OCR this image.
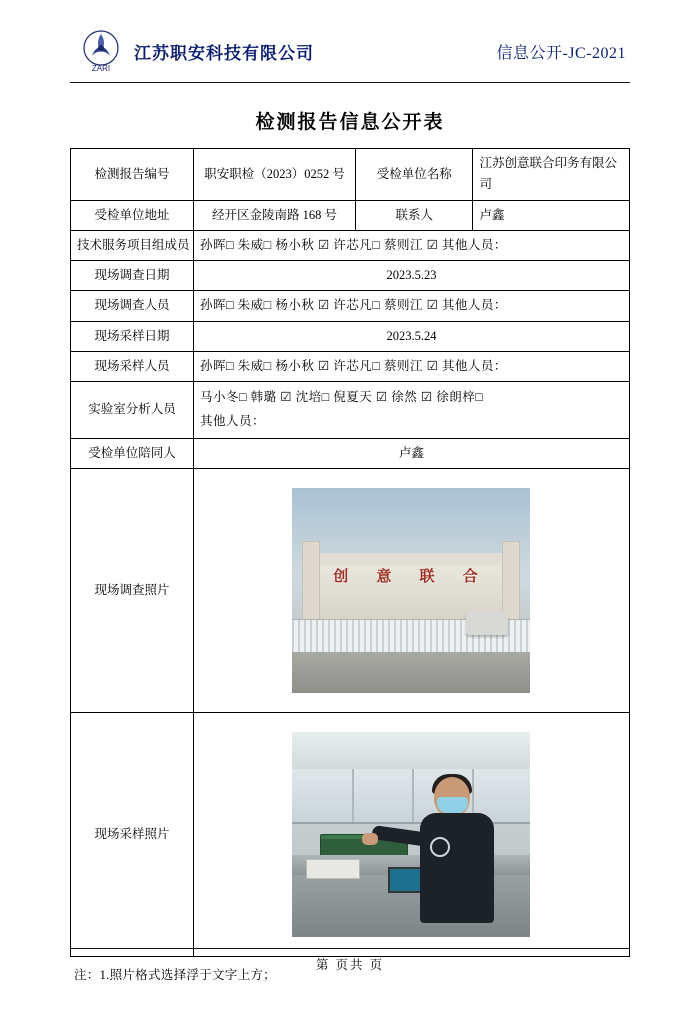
ZARI
江苏职安科技有限公司	信息公开-JC-2021
检测报告信息公开表
检测报告编号	职安职检（2023）0252 号	受检单位名称	江苏创意联合印务有限公司
受检单位地址	经开区金陵南路 168 号	联系人	卢鑫
技术服务项目组成员	孙晖□ 朱威□ 杨小秋 ☑ 许芯凡□ 蔡则江 ☑ 其他人员：		
现场调查日期	2023.5.23		
现场调查人员	孙晖□ 朱威□ 杨小秋 ☑ 许芯凡□ 蔡则江 ☑ 其他人员：		
现场采样日期	2023.5.24		
现场采样人员	孙晖□ 朱威□ 杨小秋 ☑ 许芯凡□ 蔡则江 ☑ 其他人员：		
实验室分析人员	马小冬□ 韩璐 ☑ 沈培□ 倪夏天 ☑ 徐然 ☑ 徐朗梓□
其他人员：		

受检单位陪同人	卢鑫		
现场调查照片	创 意 联 合		

现场采样照片			
注：1.照片格式选择浮于文字上方；
第 页共 页
